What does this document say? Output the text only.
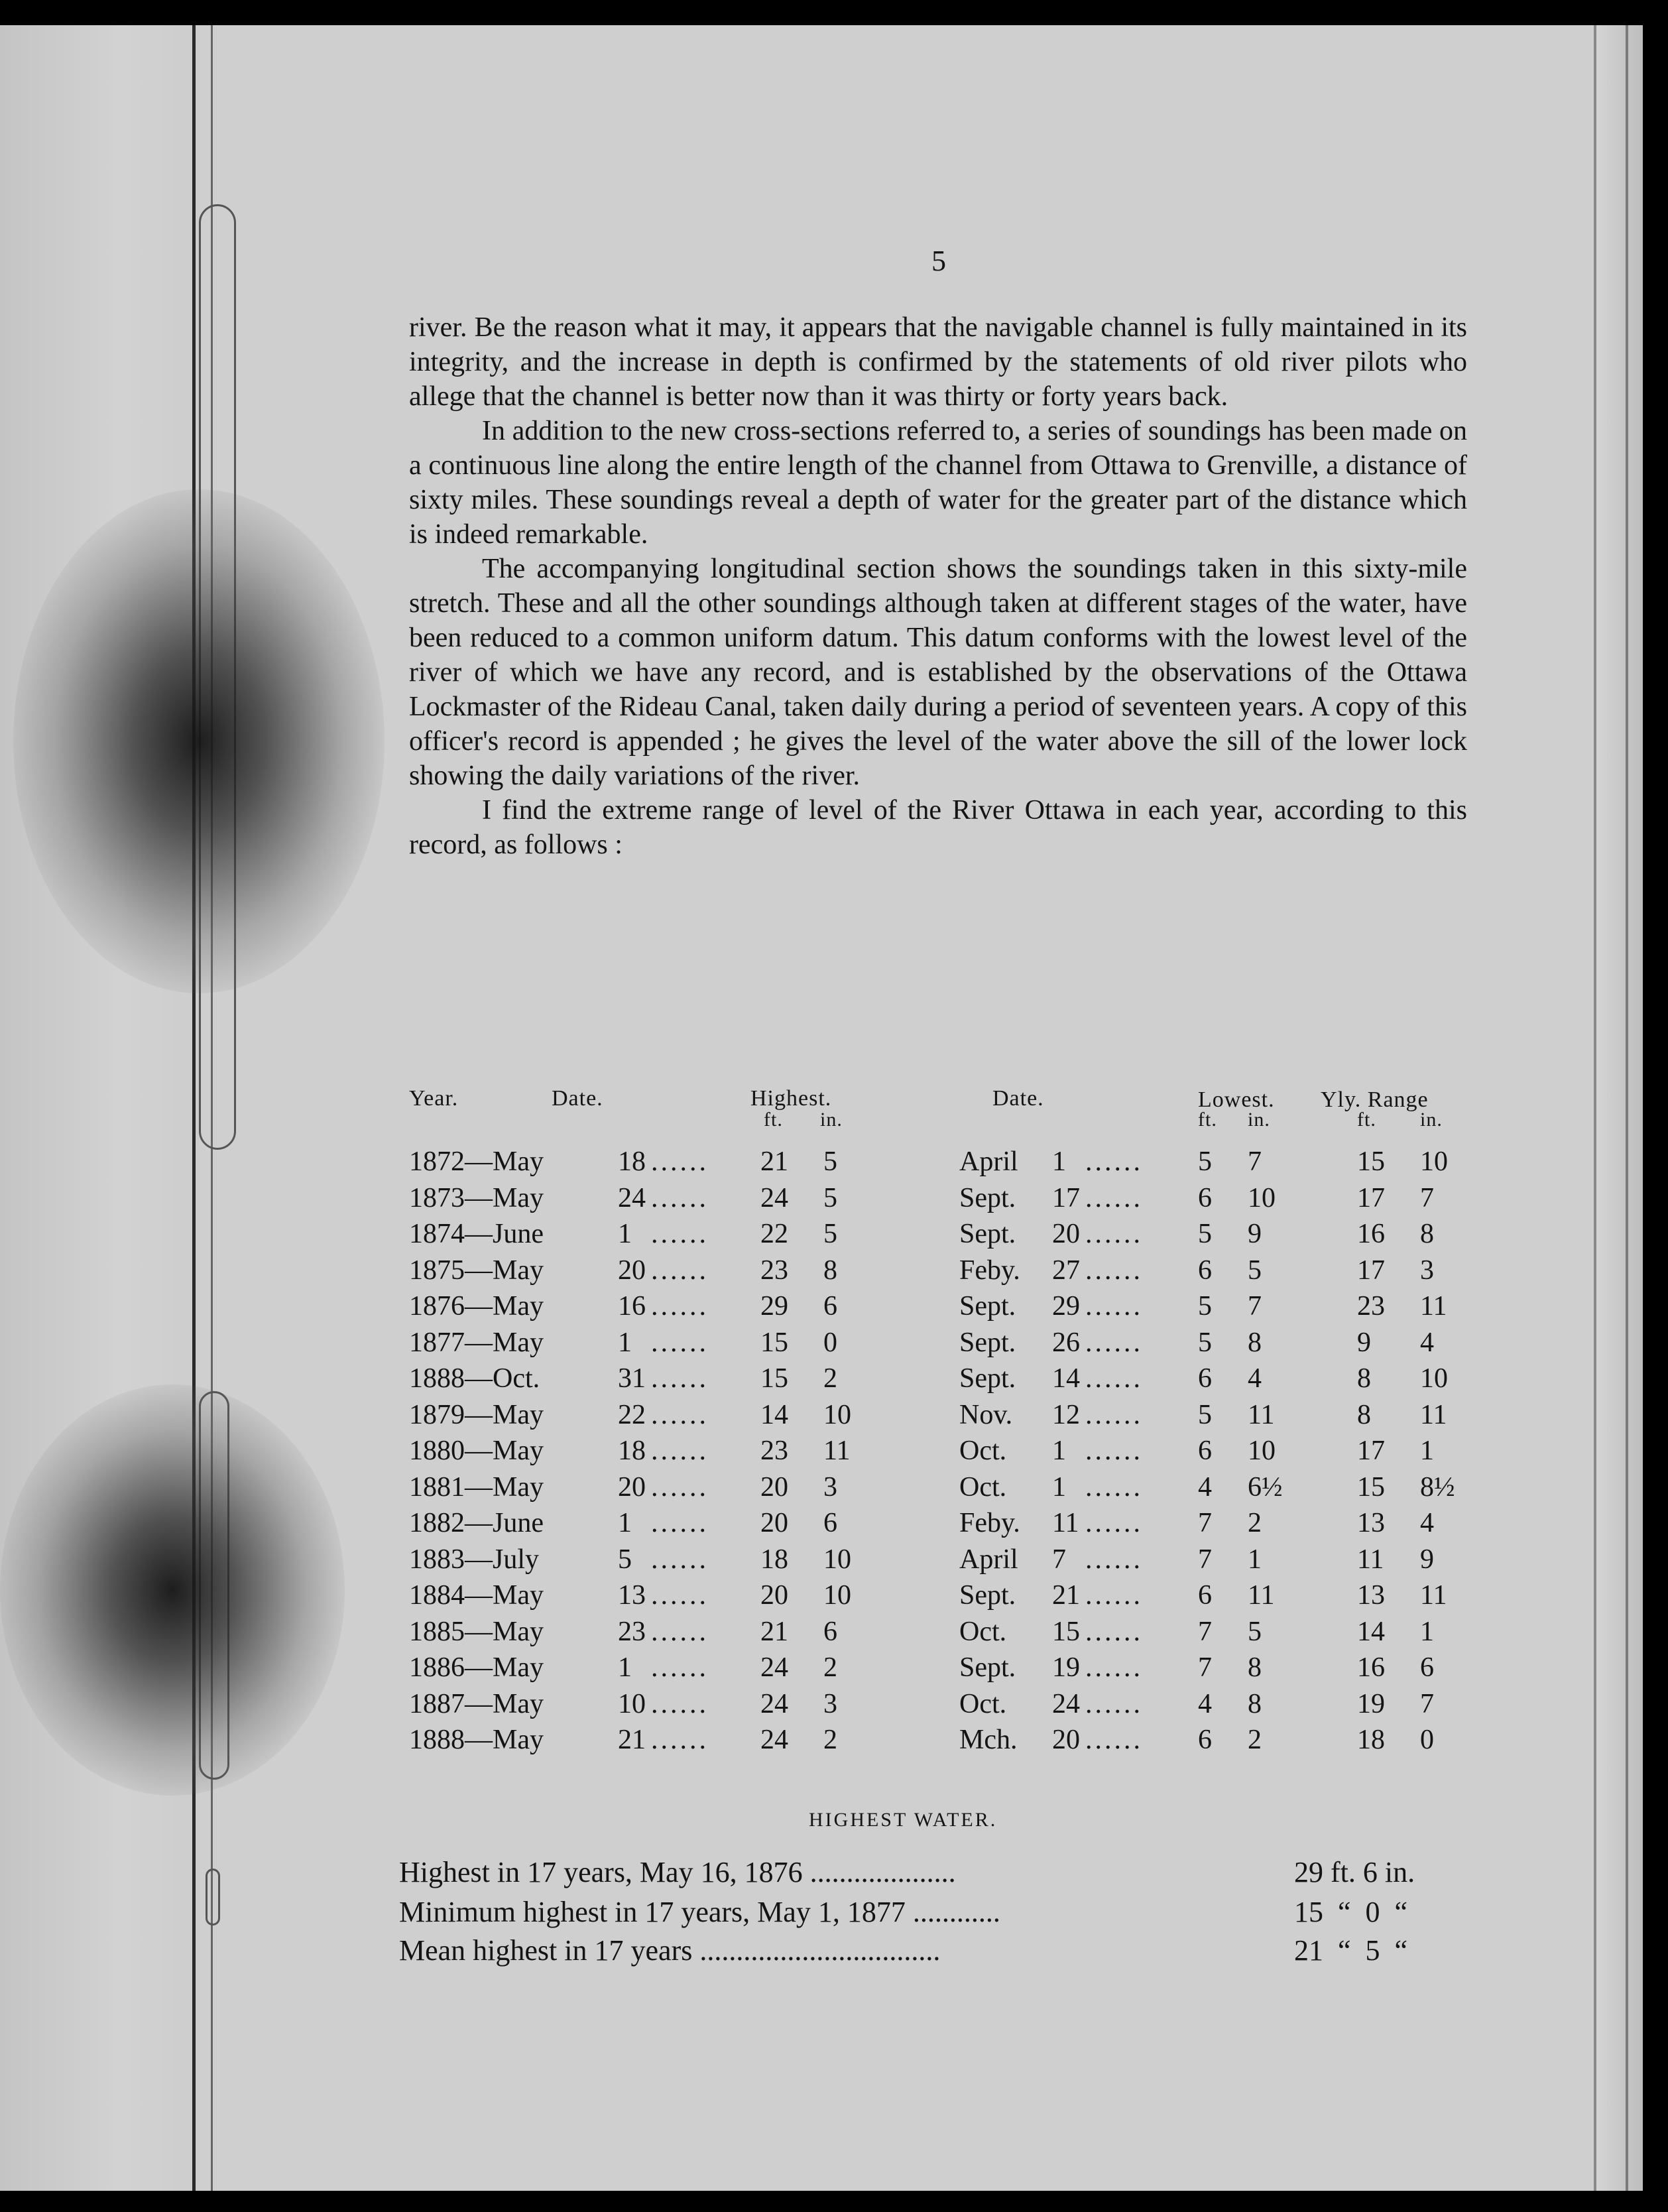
5

river. Be the reason what it may, it appears that the navigable channel is fully maintained in its integrity, and the increase in depth is confirmed by the statements of old river pilots who allege that the channel is better now than it was thirty or forty years back.

In addition to the new cross-sections referred to, a series of soundings has been made on a continuous line along the entire length of the channel from Ottawa to Grenville, a distance of sixty miles. These soundings reveal a depth of water for the greater part of the distance which is indeed remarkable.

The accompanying longitudinal section shows the soundings taken in this sixty-mile stretch. These and all the other soundings although taken at different stages of the water, have been reduced to a common uniform datum. This datum conforms with the lowest level of the river of which we have any record, and is established by the observations of the Ottawa Lockmaster of the Rideau Canal, taken daily during a period of seventeen years. A copy of this officer's record is appended ; he gives the level of the water above the sill of the lower lock showing the daily variations of the river.

I find the extreme range of level of the River Ottawa in each year, according to this record, as follows :

Year.	Date.	Highest.
ft. in.
Date.	Lowest.
ft. in.
Yly. Range
ft. in.
1872—May	18 ...... 21 5	April 1 ...... 5 7	15 10
1873—May	24 ...... 24 5	Sept. 17 ...... 6 10	17 7
1874—June	1 ...... 22 5	Sept. 20 ...... 5 9	16 8
1875—May	20 ...... 23 8	Feby. 27 ...... 6 5	17 3
1876—May	16 ...... 29 6	Sept. 29 ...... 5 7	23 11
1877—May	1 ...... 15 0	Sept. 26 ...... 5 8	9 4
1888—Oct.	31 ...... 15 2	Sept. 14 ...... 6 4	8 10
1879—May	22 ...... 14 10	Nov. 12 ...... 5 11	8 11
1880—May	18 ...... 23 11	Oct. 1 ...... 6 10	17 1
1881—May	20 ...... 20 3	Oct. 1 ...... 4 6½	15 8½
1882—June	1 ...... 20 6	Feby. 11 ...... 7 2	13 4
1883—July	5 ...... 18 10	April 7 ...... 7 1	11 9
1884—May	13 ...... 20 10	Sept. 21 ...... 6 11	13 11
1885—May	23 ...... 21 6	Oct. 15 ...... 7 5	14 1
1886—May	1 ...... 24 2	Sept. 19 ...... 7 8	16 6
1887—May	10 ...... 24 3	Oct. 24 ...... 4 8	19 7
1888—May	21 ...... 24 2	Mch. 20 ...... 6 2	18 0
HIGHEST WATER.
Highest in 17 years, May 16, 1876 ....................	29 ft. 6 in.
Minimum highest in 17 years, May 1, 1877 ............	15  “  0  “
Mean highest in 17 years .................................	21  “  5  “
